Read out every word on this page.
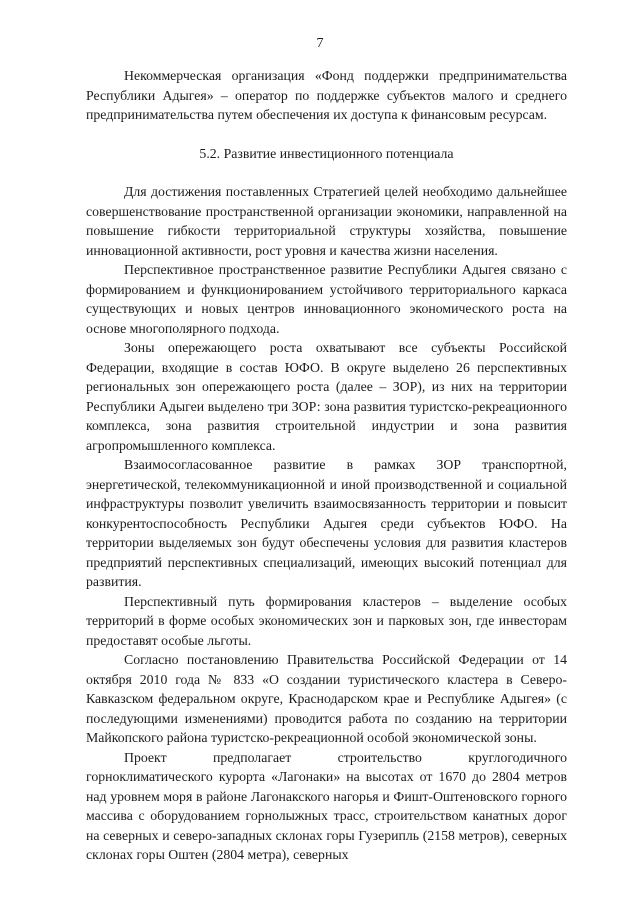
7

Некоммерческая организация «Фонд поддержки предпринимательства Республики Адыгея» – оператор по поддержке субъектов малого и среднего предпринимательства путем обеспечения их доступа к финансовым ресурсам.

5.2. Развитие инвестиционного потенциала

Для достижения поставленных Стратегией целей необходимо дальнейшее совершенствование пространственной организации экономики, направленной на повышение гибкости территориальной структуры хозяйства, повышение инновационной активности, рост уровня и качества жизни населения.

Перспективное пространственное развитие Республики Адыгея связано с формированием и функционированием устойчивого территориального каркаса существующих и новых центров инновационного экономического роста на основе многополярного подхода.

Зоны опережающего роста охватывают все субъекты Российской Федерации, входящие в состав ЮФО. В округе выделено 26 перспективных региональных зон опережающего роста (далее – ЗОР), из них на территории Республики Адыгеи выделено три ЗОР: зона развития туристско-рекреационного комплекса, зона развития строительной индустрии и зона развития агропромышленного комплекса.

Взаимосогласованное развитие в рамках ЗОР транспортной, энергетической, телекоммуникационной и иной производственной и социальной инфраструктуры позволит увеличить взаимосвязанность территории и повысит конкурентоспособность Республики Адыгея среди субъектов ЮФО. На территории выделяемых зон будут обеспечены условия для развития кластеров предприятий перспективных специализаций, имеющих высокий потенциал для развития.

Перспективный путь формирования кластеров – выделение особых территорий в форме особых экономических зон и парковых зон, где инвесторам предоставят особые льготы.

Согласно постановлению Правительства Российской Федерации от 14 октября 2010 года № 833 «О создании туристического кластера в Северо-Кавказском федеральном округе, Краснодарском крае и Республике Адыгея» (с последующими изменениями) проводится работа по созданию на территории Майкопского района туристско-рекреационной особой экономической зоны.

Проект предполагает строительство круглогодичного горноклиматического курорта «Лагонаки» на высотах от 1670 до 2804 метров над уровнем моря в районе Лагонакского нагорья и Фишт-Оштеновского горного массива с оборудованием горнолыжных трасс, строительством канатных дорог на северных и северо-западных склонах горы Гузерипль (2158 метров), северных склонах горы Оштен (2804 метра), северных
